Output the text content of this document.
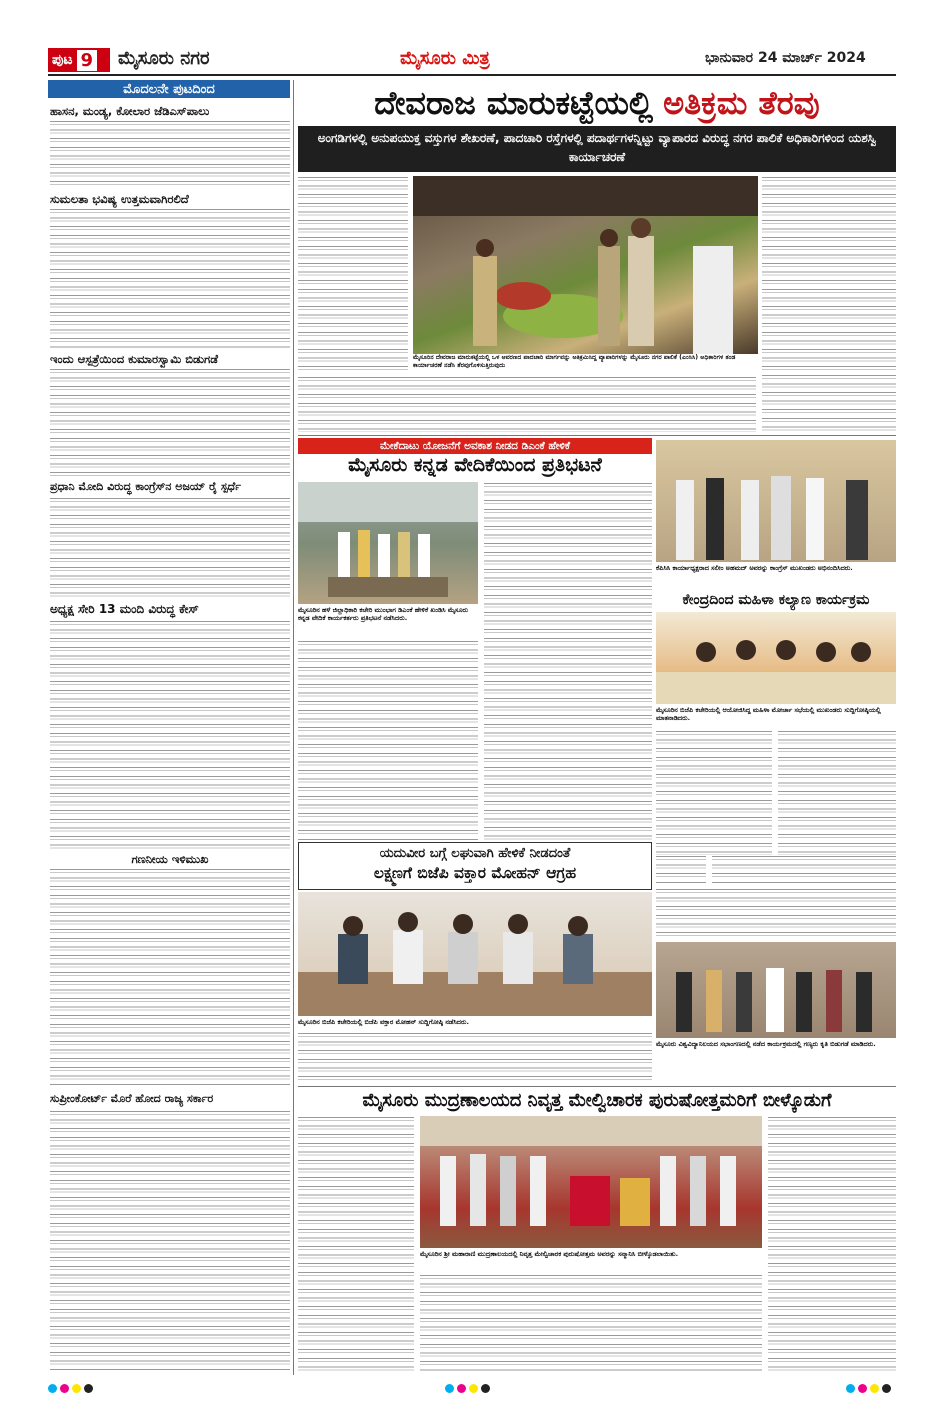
ಪುಟ 9 ಮೈಸೂರು ನಗರ	ಮೈಸೂರು ಮಿತ್ರ	ಭಾನುವಾರ 24 ಮಾರ್ಚ್ 2024
ಮೊದಲನೇ ಪುಟದಿಂದ
ಹಾಸನ, ಮಂಡ್ಯ, ಕೋಲಾರ ಜೆಡಿಎಸ್‌ಪಾಲು
ಸುಮಲತಾ ಭವಿಷ್ಯ ಉತ್ತಮವಾಗಿರಲಿದೆ
ಇಂದು ಆಸ್ಪತ್ರೆಯಿಂದ ಕುಮಾರಸ್ವಾಮಿ ಬಿಡುಗಡೆ
ಪ್ರಧಾನಿ ಮೋದಿ ವಿರುದ್ಧ ಕಾಂಗ್ರೆಸ್‌ನ ಅಜಯ್ ರೈ ಸ್ಪರ್ಧೆ
ಅಧ್ಯಕ್ಷ ಸೇರಿ 13 ಮಂದಿ ವಿರುದ್ಧ ಕೇಸ್
ಗಣನೀಯ ಇಳಿಮುಖ
ಸುಪ್ರೀಂಕೋರ್ಟ್ ಮೊರೆ ಹೋದ ರಾಜ್ಯ ಸರ್ಕಾರ
ದೇವರಾಜ ಮಾರುಕಟ್ಟೆಯಲ್ಲಿ ಅತಿಕ್ರಮ ತೆರವು
ಅಂಗಡಿಗಳಲ್ಲಿ ಅನುಪಯುಕ್ತ ವಸ್ತುಗಳ ಶೇಖರಣೆ, ಪಾದಚಾರಿ ರಸ್ತೆಗಳಲ್ಲಿ ಪದಾರ್ಥಗಳನ್ನಿಟ್ಟು ವ್ಯಾಪಾರದ ವಿರುದ್ಧ ನಗರ ಪಾಲಿಕೆ ಅಧಿಕಾರಿಗಳಿಂದ ಯಶಸ್ವಿ ಕಾರ್ಯಾಚರಣೆ
ಮೈಸೂರಿನ ದೇವರಾಜ ಮಾರುಕಟ್ಟೆಯಲ್ಲಿ ಒಳ ಆವರಣದ ಪಾದಚಾರಿ ಮಾರ್ಗವನ್ನು ಅತಿಕ್ರಮಿಸಿದ್ದ ವ್ಯಾಪಾರಿಗಳನ್ನು ಮೈಸೂರು ನಗರ ಪಾಲಿಕೆ (ಎಂಸಿಸಿ) ಅಧಿಕಾರಿಗಳ ತಂಡ ಕಾರ್ಯಾಚರಣೆ ನಡೆಸಿ ತೆರವುಗೊಳಿಸುತ್ತಿರುವುದು
ಮೇಕೆದಾಟು ಯೋಜನೆಗೆ ಅವಕಾಶ ನೀಡದ ಡಿಎಂಕೆ ಹೇಳಿಕೆ
ಮೈಸೂರು ಕನ್ನಡ ವೇದಿಕೆಯಿಂದ ಪ್ರತಿಭಟನೆ
ಮೈಸೂರಿನ ಹಳೆ ಜಿಲ್ಲಾಧಿಕಾರಿ ಕಚೇರಿ ಮುಂಭಾಗ ಡಿಎಂಕೆ ಹೇಳಿಕೆ ಖಂಡಿಸಿ ಮೈಸೂರು ಕನ್ನಡ ವೇದಿಕೆ ಕಾರ್ಯಕರ್ತರು ಪ್ರತಿಭಟನೆ ನಡೆಸಿದರು.
ಕೆಪಿಸಿಸಿ ಕಾರ್ಯಾಧ್ಯಕ್ಷರಾದ ಸಲೀಂ ಅಹಮದ್ ಅವರನ್ನು ಕಾಂಗ್ರೆಸ್ ಮುಖಂಡರು ಅಭಿನಂದಿಸಿದರು.
ಕೇಂದ್ರದಿಂದ ಮಹಿಳಾ ಕಲ್ಯಾಣ ಕಾರ್ಯಕ್ರಮ
ಮೈಸೂರಿನ ಬಿಜೆಪಿ ಕಚೇರಿಯಲ್ಲಿ ಆಯೋಜಿಸಿದ್ದ ಮಹಿಳಾ ಮೋರ್ಚಾ ಸಭೆಯಲ್ಲಿ ಮುಖಂಡರು ಸುದ್ದಿಗೋಷ್ಠಿಯಲ್ಲಿ ಮಾತನಾಡಿದರು.
ಯದುವೀರ ಬಗ್ಗೆ ಲಘುವಾಗಿ ಹೇಳಿಕೆ ನೀಡದಂತೆ
ಲಕ್ಷ್ಮಣಗೆ ಬಿಜೆಪಿ ವಕ್ತಾರ ಮೋಹನ್ ಆಗ್ರಹ
ಮೈಸೂರಿನ ಬಿಜೆಪಿ ಕಚೇರಿಯಲ್ಲಿ ಬಿಜೆಪಿ ವಕ್ತಾರ ಮೋಹನ್ ಸುದ್ದಿಗೋಷ್ಠಿ ನಡೆಸಿದರು.
ಮೈಸೂರು ವಿಶ್ವವಿದ್ಯಾನಿಲಯದ ಸಭಾಂಗಣದಲ್ಲಿ ನಡೆದ ಕಾರ್ಯಕ್ರಮದಲ್ಲಿ ಗಣ್ಯರು ಕೃತಿ ಬಿಡುಗಡೆ ಮಾಡಿದರು.
ಮೈಸೂರು ಮುದ್ರಣಾಲಯದ ನಿವೃತ್ತ ಮೇಲ್ವಿಚಾರಕ ಪುರುಷೋತ್ತಮರಿಗೆ ಬೀಳ್ಕೊಡುಗೆ
ಮೈಸೂರಿನ ಶ್ರೀ ಮಹಾರಾಣಿ ಮುದ್ರಣಾಲಯದಲ್ಲಿ ನಿವೃತ್ತ ಮೇಲ್ವಿಚಾರಕ ಪುರುಷೋತ್ತಮ ಅವರನ್ನು ಸನ್ಮಾನಿಸಿ ಬೀಳ್ಕೊಡಲಾಯಿತು.
